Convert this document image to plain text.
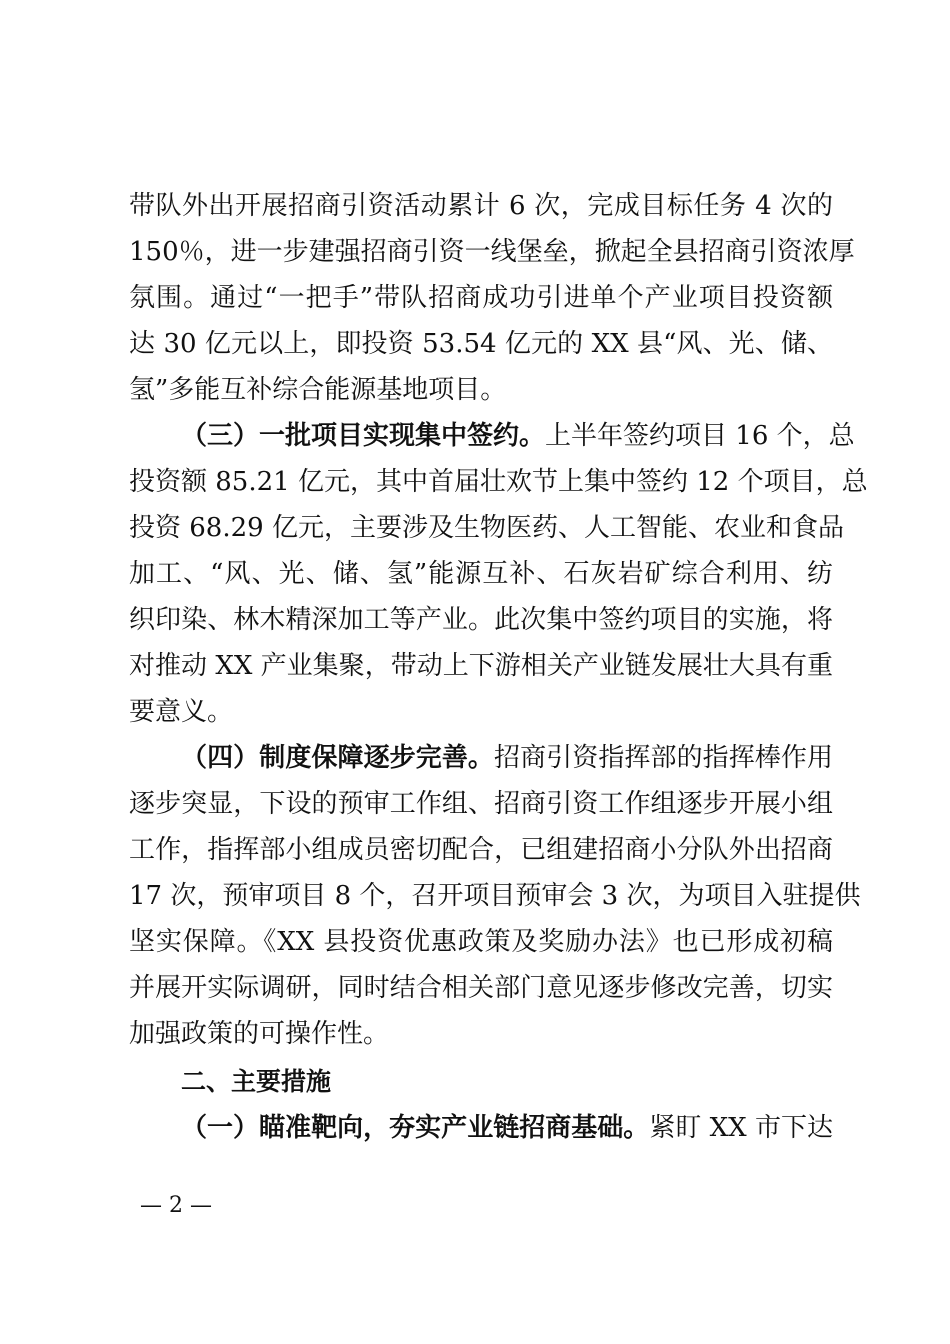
带队外出开展招商引资活动累计 6 次，完成目标任务 4 次的
150％，进一步建强招商引资一线堡垒，掀起全县招商引资浓厚
氛围。通过“一把手”带队招商成功引进单个产业项目投资额
达 30 亿元以上，即投资 53.54 亿元的 XX 县“风、光、储、
氢”多能互补综合能源基地项目。
（三）一批项目实现集中签约。上半年签约项目 16 个，总
投资额 85.21 亿元，其中首届壮欢节上集中签约 12 个项目，总
投资 68.29 亿元，主要涉及生物医药、人工智能、农业和食品
加工、“风、光、储、氢”能源互补、石灰岩矿综合利用、纺
织印染、林木精深加工等产业。此次集中签约项目的实施，将
对推动 XX 产业集聚，带动上下游相关产业链发展壮大具有重
要意义。
（四）制度保障逐步完善。招商引资指挥部的指挥棒作用
逐步突显，下设的预审工作组、招商引资工作组逐步开展小组
工作，指挥部小组成员密切配合，已组建招商小分队外出招商
17 次，预审项目 8 个，召开项目预审会 3 次，为项目入驻提供
坚实保障。《XX 县投资优惠政策及奖励办法》也已形成初稿
并展开实际调研，同时结合相关部门意见逐步修改完善，切实
加强政策的可操作性。
二、主要措施
（一）瞄准靶向，夯实产业链招商基础。紧盯 XX 市下达
— 2 —
